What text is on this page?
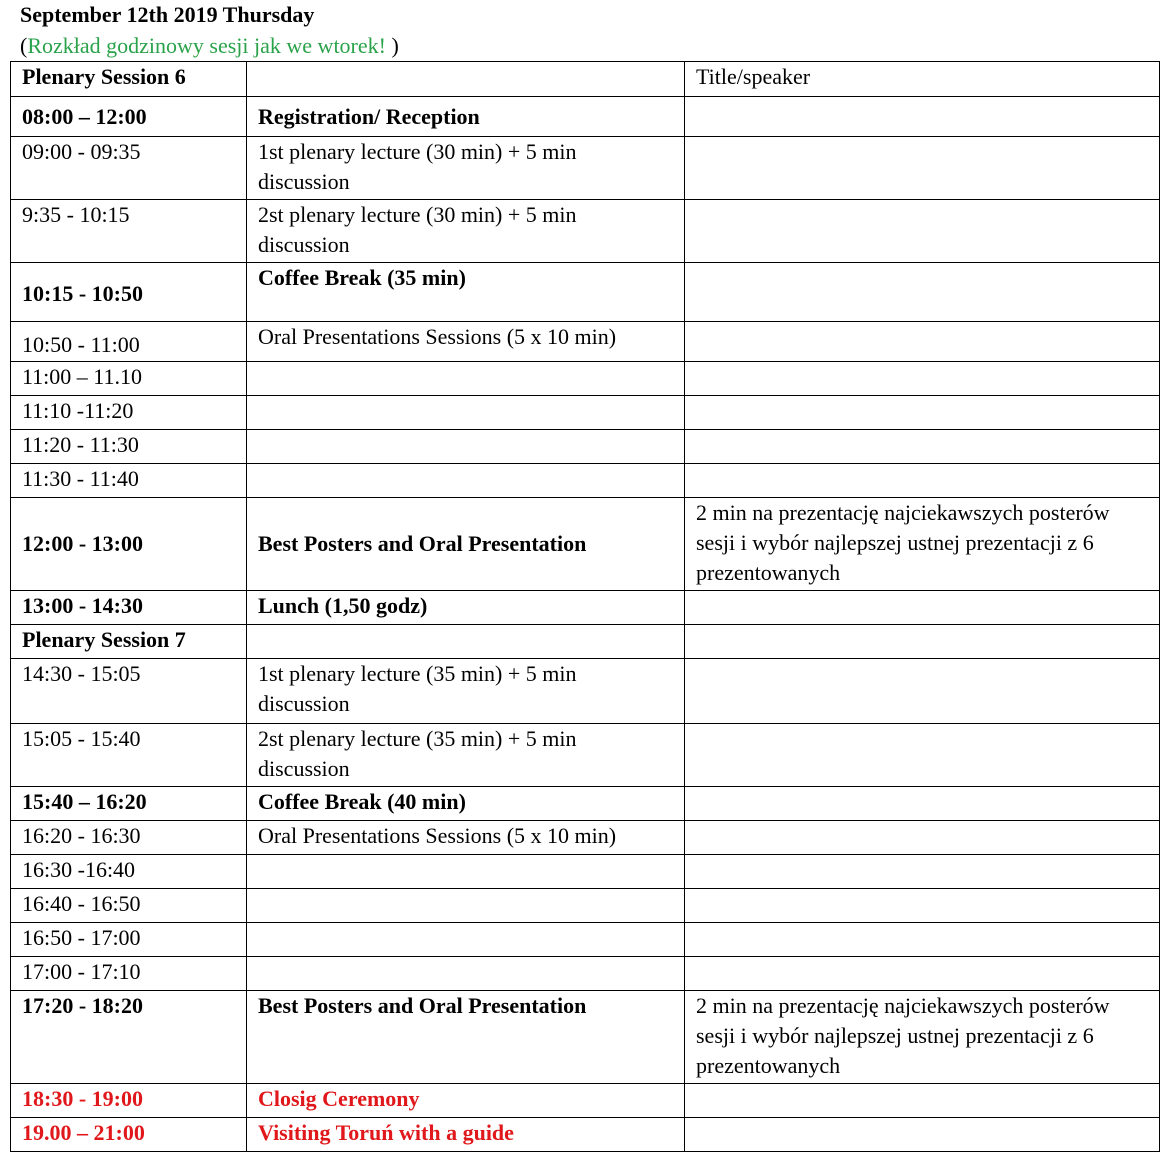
September 12th 2019 Thursday
(Rozkład godzinowy sesji jak we wtorek! )
Plenary Session 6		Title/speaker
08:00 – 12:00	Registration/ Reception	
09:00 - 09:35	1st plenary lecture (30 min) + 5 min discussion	
9:35 - 10:15	2st plenary lecture (30 min) + 5 min discussion	
10:15 - 10:50	Coffee Break (35 min)	
10:50 - 11:00	Oral Presentations Sessions (5 x 10 min)	
11:00 – 11.10		
11:10 -11:20		
11:20 - 11:30		
11:30 - 11:40		
12:00 - 13:00	Best Posters and Oral Presentation	2 min na prezentację najciekawszych posterów sesji i wybór najlepszej ustnej prezentacji z 6 prezentowanych
13:00 - 14:30	Lunch (1,50 godz)	
Plenary Session 7		
14:30 - 15:05	1st plenary lecture (35 min) + 5 min discussion	
15:05 - 15:40	2st plenary lecture (35 min) + 5 min discussion	
15:40 – 16:20	Coffee Break (40 min)	
16:20 - 16:30	Oral Presentations Sessions (5 x 10 min)	
16:30 -16:40		
16:40 - 16:50		
16:50 - 17:00		
17:00 - 17:10		
17:20 - 18:20	Best Posters and Oral Presentation	2 min na prezentację najciekawszych posterów sesji i wybór najlepszej ustnej prezentacji z 6 prezentowanych
18:30 - 19:00	Closig Ceremony	
19.00 – 21:00	Visiting Toruń with a guide	
